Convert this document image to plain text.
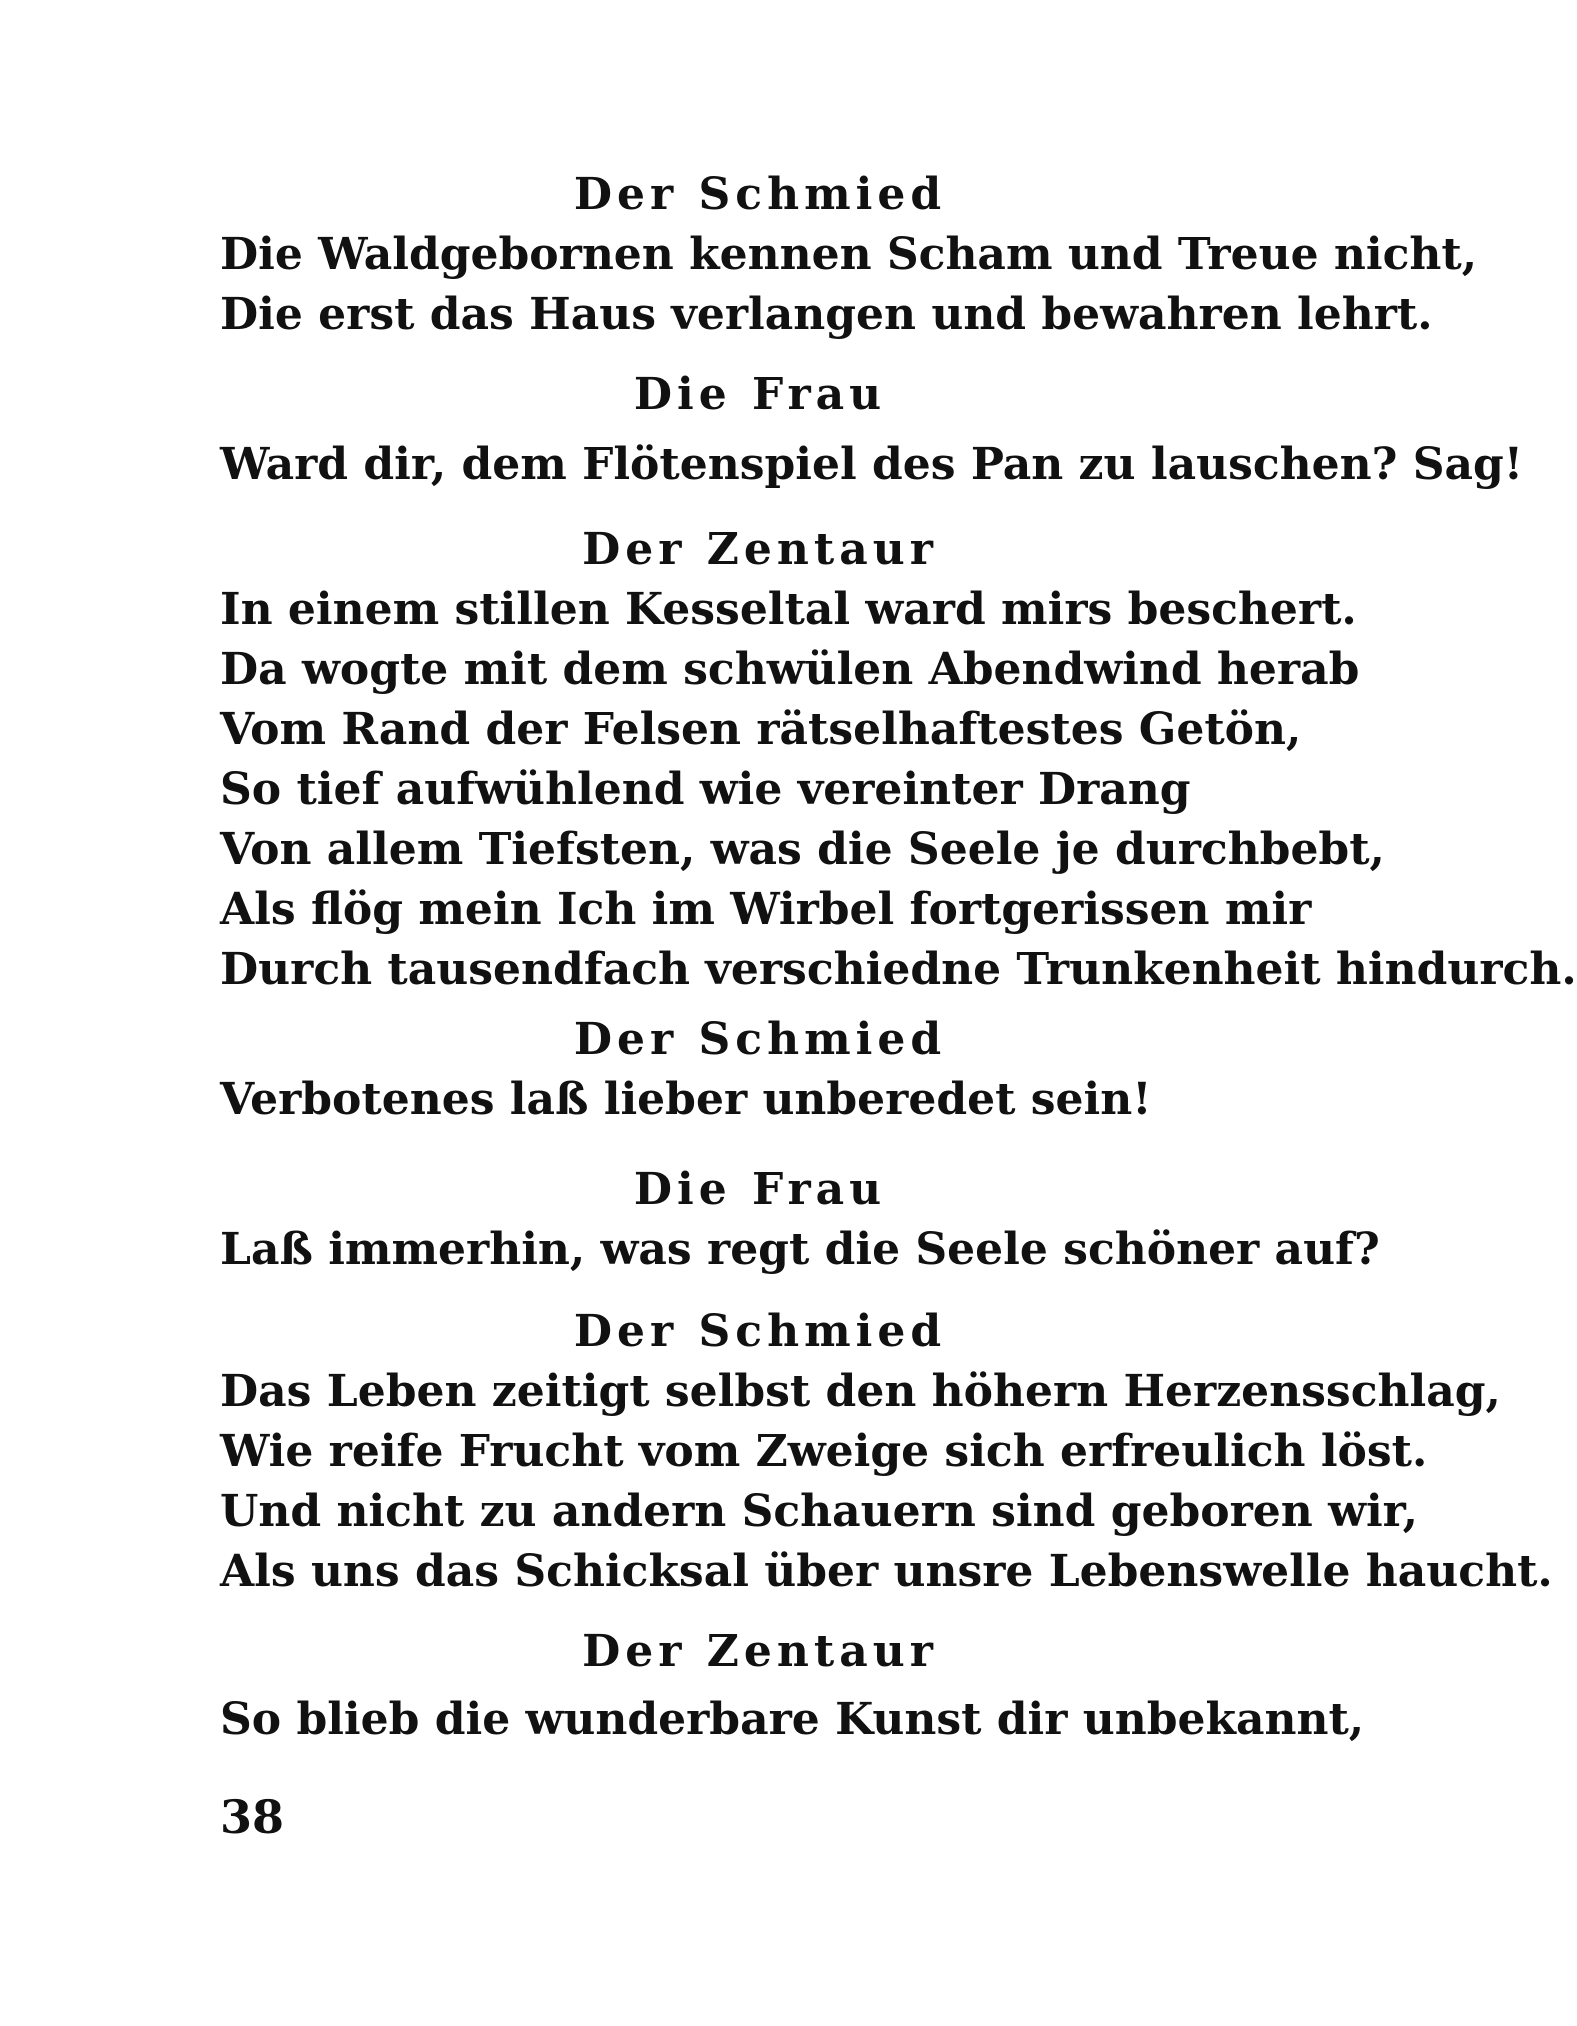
Der Schmied
Die Waldgebornen kennen Scham und Treue nicht,
Die erst das Haus verlangen und bewahren lehrt.
Die Frau
Ward dir, dem Flötenspiel des Pan zu lauschen? Sag!
Der Zentaur
In einem stillen Kesseltal ward mirs beschert.
Da wogte mit dem schwülen Abendwind herab
Vom Rand der Felsen rätselhaftestes Getön,
So tief aufwühlend wie vereinter Drang
Von allem Tiefsten, was die Seele je durchbebt,
Als flög mein Ich im Wirbel fortgerissen mir
Durch tausendfach verschiedne Trunkenheit hindurch.
Der Schmied
Verbotenes laß lieber unberedet sein!
Die Frau
Laß immerhin, was regt die Seele schöner auf?
Der Schmied
Das Leben zeitigt selbst den höhern Herzensschlag,
Wie reife Frucht vom Zweige sich erfreulich löst.
Und nicht zu andern Schauern sind geboren wir,
Als uns das Schicksal über unsre Lebenswelle haucht.
Der Zentaur
So blieb die wunderbare Kunst dir unbekannt,
38
